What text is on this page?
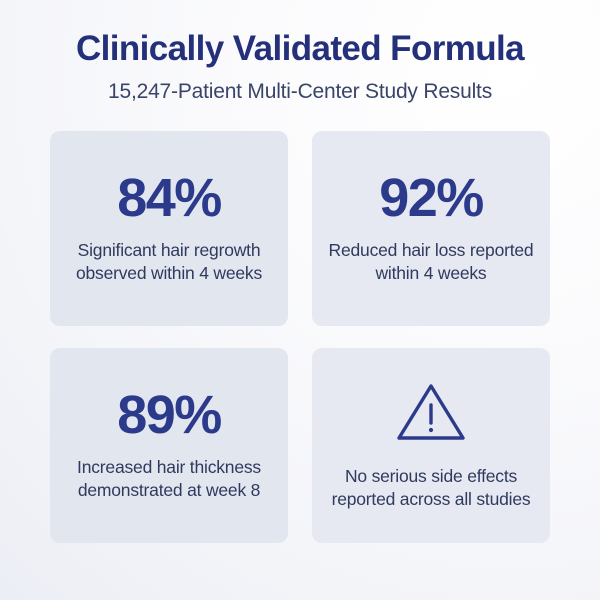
Clinically Validated Formula

15,247-Patient Multi-Center Study Results

84%
Significant hair regrowth observed within 4 weeks
92%
Reduced hair loss reported within 4 weeks
89%
Increased hair thickness demonstrated at week 8
No serious side effects reported across all studies
